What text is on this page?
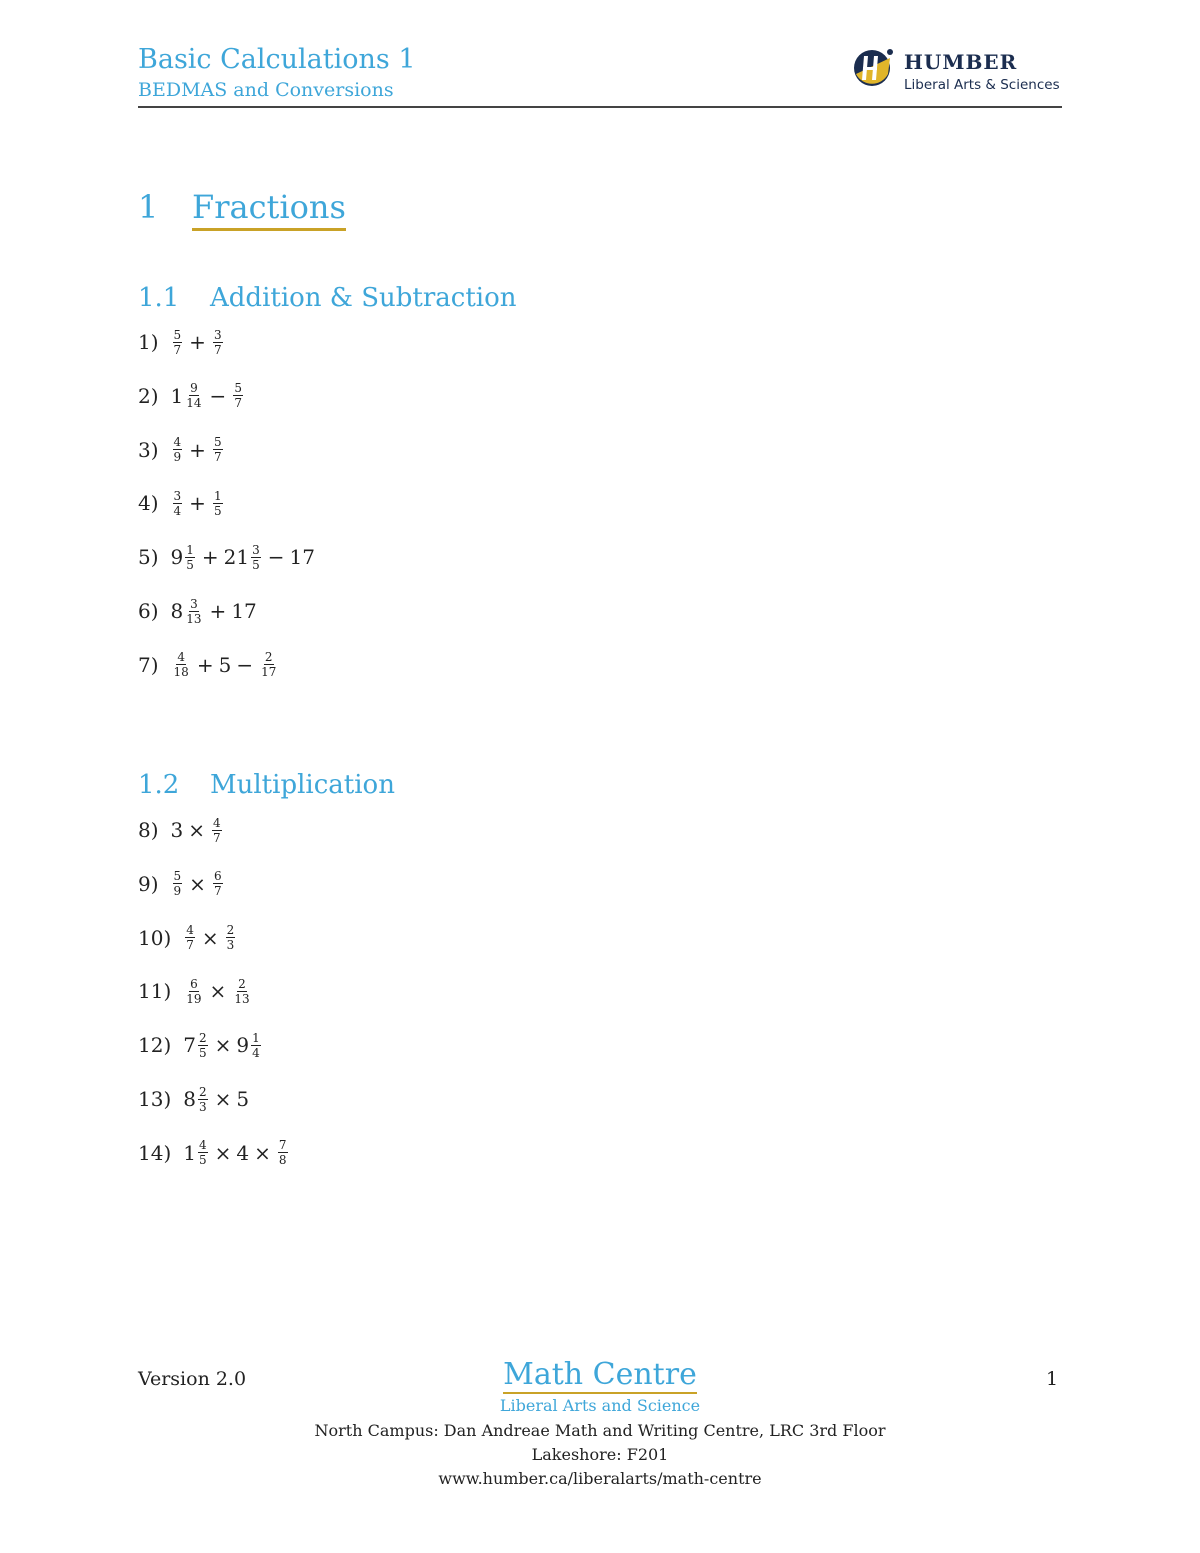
Basic Calculations 1
BEDMAS and Conversions
HUMBER
Liberal Arts & Sciences
1 Fractions
1.1 Addition & Subtraction
$1) \frac{5}{7} + \frac{3}{7}$
2) $1 \frac{9}{14} - \frac{5}{7}$
$3) \frac{4}{9} + \frac{5}{7}$
$4) \frac{3}{4} + \frac{1}{5}$
5) $9 \frac{1}{5} + 21 \frac{3}{5} - 17$
6) $8 \frac{3}{13} + 17$
$7) \frac{4}{18} + 5 - \frac{2}{17}$
1.2 Multiplication
8) $3 \times \frac{4}{7}$
$9) \frac{5}{9} \times \frac{6}{7}$
$10) \frac{4}{7} \times \frac{2}{3}$
$11) \frac{6}{19} \times \frac{2}{13}$
12) $7 \frac{2}{5} \times 9 \frac{1}{4}$
13) $8 \frac{2}{3} \times 5$
14) $1 \frac{4}{5} \times 4 \times \frac{7}{8}$
Version 2.0	1
Math Centre
Liberal Arts and Science
North Campus: Dan Andreae Math and Writing Centre, LRC 3rd Floor
Lakeshore: F201
www.humber.ca/liberalarts/math-centre
